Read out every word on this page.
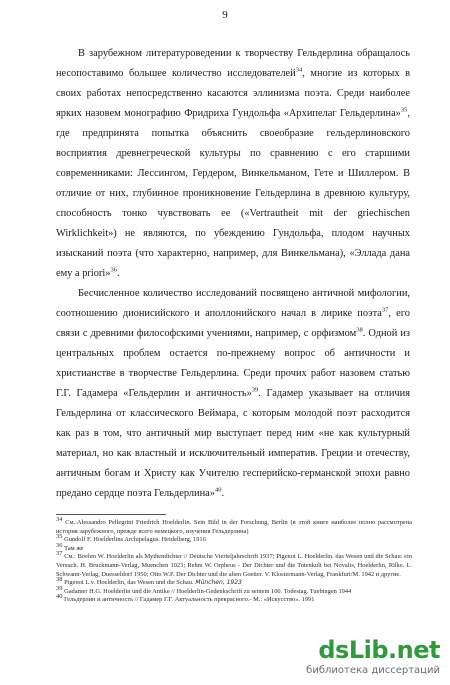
9

В зарубежном литературоведении к творчеству Гельдерлина обращалось несопоставимо большее количество исследователей$^{34}$, многие из которых в своих работах непосредственно касаются эллинизма поэта. Среди наиболее ярких назовем монографию Фридриха Гундольфа «Архипелаг Гельдерлина»$^{35}$, где предпринята попытка объяснить своеобразие гельдерлиновского восприятия древнегреческой культуры по сравнению с его старшими современниками: Лессингом, Гердером, Винкельманом, Гете и Шиллером. В отличие от них, глубинное проникновение Гельдерлина в древнюю культуру, способность тонко чувствовать ее («Vertrautheit mit der griechischen Wirklichkeit») не являются, по убеждению Гундольфа, плодом научных изысканий поэта (что характерно, например, для Винкельмана), «Эллада дана ему a priori»$^{36}$.

Бесчисленное количество исследований посвящено античной мифологии, соотношению дионисийского и аполлонийского начал в лирике поэта$^{37}$, его связи с древними философскими учениями, например, с орфизмом$^{38}$. Одной из центральных проблем остается по-прежнему вопрос об античности и христианстве в творчестве Гельдерлина. Среди прочих работ назовем статью Г.Г. Гадамера «Гельдерлин и античность»$^{39}$. Гадамер указывает на отличия Гельдерлина от классического Веймара, с которым молодой поэт расходится как раз в том, что античный мир выступает перед ним «не как культурный материал, но как властный и исключительный императив. Греции и отечеству, античным богам и Христу как Учителю гесперийско-германской эпохи равно предано сердце поэта Гельдерлина»$^{40}$.

$^{34}$ См.:Alessandro Pellegrini Friedrich Hoelderlin. Sein Bild in der Forschung, Berlin (в этой книге наиболее полно рассмотрена история зарубежного, прежде всего немецкого, изучения Гельдерлина)
$^{35}$ Gundolf F. Hoelderlins Archipelagus. Heidelberg, 1916
$^{36}$ Там же
$^{37}$ См.: Boehm W. Hoelderlin als Mythendichter // Deutsche Vierteljahrschrift 1937; Pigenot L. Hoelderlin. das Wesen und die Schau: ein Versuch. H. Bruckmann-Verlag, Muenchen 1923; Rehm W. Orpheus - Der Dichter und die Totenkult bei Novalis, Hoelderlin, Rilke. L. Schwann-Verlag, Duesseldorf 1950; Otto W.F. Der Dichter und die alten Goetter. V. Klostermann-Verlag, Frankfurt/M. 1942 и другие.
$^{38}$ Pigenot L.v. Hoelderlin, das Wesen und die Schau. München, 1923
$^{39}$ Gadamer H.G. Hoelderlin und die Antike // Hoelderlin-Gedenkschrift zu seinem 100. Todestag. Tuebingen 1944
$^{40}$ Гельдерлин и античность // Гадамер Г.Г. Актуальность прекрасного.- М.: «Искусство». 1991
dsLib.net
библиотека диссертаций
